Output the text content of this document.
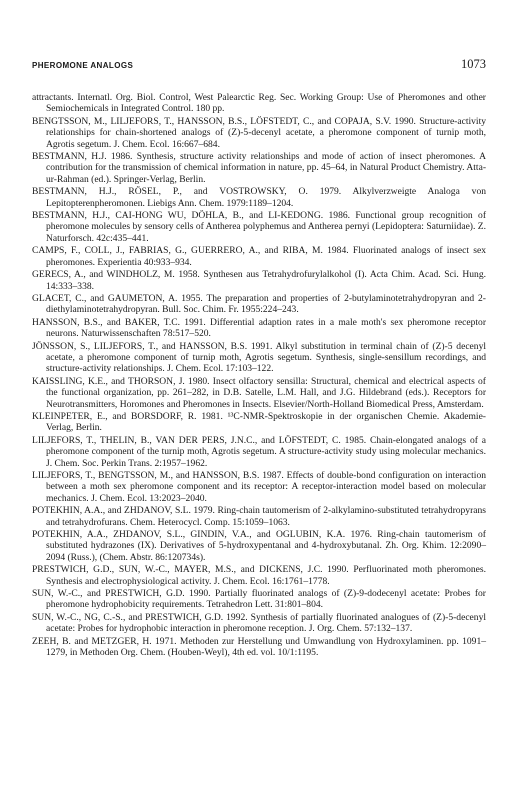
PHEROMONE ANALOGS	1073

attractants. Internatl. Org. Biol. Control, West Palearctic Reg. Sec. Working Group: Use of Pheromones and other Semiochemicals in Integrated Control. 180 pp.

BENGTSSON, M., LILJEFORS, T., HANSSON, B.S., LÖFSTEDT, C., and COPAJA, S.V. 1990. Structure-activity relationships for chain-shortened analogs of (Z)-5-decenyl acetate, a pheromone component of turnip moth, Agrotis segetum. J. Chem. Ecol. 16:667–684.

BESTMANN, H.J. 1986. Synthesis, structure activity relationships and mode of action of insect pheromones. A contribution for the transmission of chemical information in nature, pp. 45–64, in Natural Product Chemistry. Atta-ur-Rahman (ed.). Springer-Verlag, Berlin.

BESTMANN, H.J., RÖSEL, P., and VOSTROWSKY, O. 1979. Alkylverzweigte Analoga von Lepitopterenpheromonen. Liebigs Ann. Chem. 1979:1189–1204.

BESTMANN, H.J., CAI-HONG WU, DÖHLA, B., and LI-KEDONG. 1986. Functional group recognition of pheromone molecules by sensory cells of Antherea polyphemus and Antherea pernyi (Lepidoptera: Saturniidae). Z. Naturforsch. 42c:435–441.

CAMPS, F., COLL, J., FABRIAS, G., GUERRERO, A., and RIBA, M. 1984. Fluorinated analogs of insect sex pheromones. Experientia 40:933–934.

GERECS, A., and WINDHOLZ, M. 1958. Synthesen aus Tetrahydrofurylalkohol (I). Acta Chim. Acad. Sci. Hung. 14:333–338.

GLACET, C., and GAUMETON, A. 1955. The preparation and properties of 2-butylaminotetrahydropyran and 2-diethylaminotetrahydropyran. Bull. Soc. Chim. Fr. 1955:224–243.

HANSSON, B.S., and BAKER, T.C. 1991. Differential adaption rates in a male moth's sex pheromone receptor neurons. Naturwissenschaften 78:517–520.

JÖNSSON, S., LILJEFORS, T., and HANSSON, B.S. 1991. Alkyl substitution in terminal chain of (Z)-5 decenyl acetate, a pheromone component of turnip moth, Agrotis segetum. Synthesis, single-sensillum recordings, and structure-activity relationships. J. Chem. Ecol. 17:103–122.

KAISSLING, K.E., and THORSON, J. 1980. Insect olfactory sensilla: Structural, chemical and electrical aspects of the functional organization, pp. 261–282, in D.B. Satelle, L.M. Hall, and J.G. Hildebrand (eds.). Receptors for Neurotransmitters, Horomones and Pheromones in Insects. Elsevier/North-Holland Biomedical Press, Amsterdam.

KLEINPETER, E., and BORSDORF, R. 1981. ¹³C-NMR-Spektroskopie in der organischen Chemie. Akademie-Verlag, Berlin.

LILJEFORS, T., THELIN, B., VAN DER PERS, J.N.C., and LÖFSTEDT, C. 1985. Chain-elongated analogs of a pheromone component of the turnip moth, Agrotis segetum. A structure-activity study using molecular mechanics. J. Chem. Soc. Perkin Trans. 2:1957–1962.

LILJEFORS, T., BENGTSSON, M., and HANSSON, B.S. 1987. Effects of double-bond configuration on interaction between a moth sex pheromone component and its receptor: A receptor-interaction model based on molecular mechanics. J. Chem. Ecol. 13:2023–2040.

POTEKHIN, A.A., and ZHDANOV, S.L. 1979. Ring-chain tautomerism of 2-alkylamino-substituted tetrahydropyrans and tetrahydrofurans. Chem. Heterocycl. Comp. 15:1059–1063.

POTEKHIN, A.A., ZHDANOV, S.L., GINDIN, V.A., and OGLUBIN, K.A. 1976. Ring-chain tautomerism of substituted hydrazones (IX). Derivatives of 5-hydroxypentanal and 4-hydroxybutanal. Zh. Org. Khim. 12:2090–2094 (Russ.), (Chem. Abstr. 86:120734s).

PRESTWICH, G.D., SUN, W.-C., MAYER, M.S., and DICKENS, J.C. 1990. Perfluorinated moth pheromones. Synthesis and electrophysiological activity. J. Chem. Ecol. 16:1761–1778.

SUN, W.-C., and PRESTWICH, G.D. 1990. Partially fluorinated analogs of (Z)-9-dodecenyl acetate: Probes for pheromone hydrophobicity requirements. Tetrahedron Lett. 31:801–804.

SUN, W.-C., NG, C.-S., and PRESTWICH, G.D. 1992. Synthesis of partially fluorinated analogues of (Z)-5-decenyl acetate: Probes for hydrophobic interaction in pheromone reception. J. Org. Chem. 57:132–137.

ZEEH, B. and METZGER, H. 1971. Methoden zur Herstellung und Umwandlung von Hydroxylaminen. pp. 1091–1279, in Methoden Org. Chem. (Houben-Weyl), 4th ed. vol. 10/1:1195.
